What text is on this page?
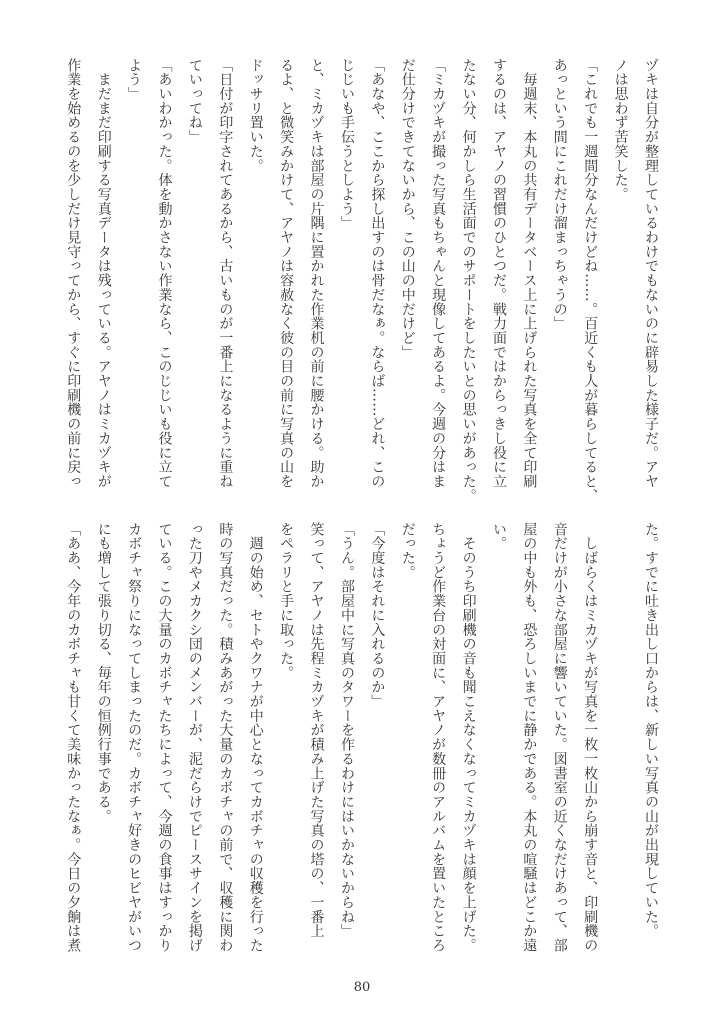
ヅキは自分が整理しているわけでもないのに辟易した様子だ。アヤ
ノは思わず苦笑した。
「これでも一週間分なんだけどね……。百近くも人が暮らしてると、
あっという間にこれだけ溜まっちゃうの」
　毎週末、本丸の共有データベース上に上げられた写真を全て印刷
するのは、アヤノの習慣のひとつだ。戦力面ではからっきし役に立
たない分、何かしら生活面でのサポートをしたいとの思いがあった。
「ミカヅキが撮った写真もちゃんと現像してあるよ。今週の分はま
だ仕分けできてないから、この山の中だけど」
「あなや、ここから探し出すのは骨だなぁ。ならば……どれ、この
じじいも手伝うとしよう」
と、ミカヅキは部屋の片隅に置かれた作業机の前に腰かける。助か
るよ、と微笑みかけて、アヤノは容赦なく彼の目の前に写真の山を
ドッサリ置いた。
「日付が印字されてあるから、古いものが一番上になるように重ね
ていってね」
「あいわかった。体を動かさない作業なら、このじじいも役に立て
よう」
　まだまだ印刷する写真データは残っている。アヤノはミカヅキが
作業を始めるのを少しだけ見守ってから、すぐに印刷機の前に戻っ
た。すでに吐き出し口からは、新しい写真の山が出現していた。
　しばらくはミカヅキが写真を一枚一枚山から崩す音と、印刷機の
音だけが小さな部屋に響いていた。図書室の近くなだけあって、部
屋の中も外も、恐ろしいまでに静かである。本丸の喧騒はどこか遠
い。
　そのうち印刷機の音も聞こえなくなってミカヅキは顔を上げた。
ちょうど作業台の対面に、アヤノが数冊のアルバムを置いたところ
だった。
「今度はそれに入れるのか」
「うん。部屋中に写真のタワーを作るわけにはいかないからね」
笑って、アヤノは先程ミカヅキが積み上げた写真の塔の、一番上
をペラリと手に取った。
　週の始め、セトやクワナが中心となってカボチャの収穫を行った
時の写真だった。積みあがった大量のカボチャの前で、収穫に関わ
った刀やメカクシ団のメンバーが、泥だらけでピースサインを掲げ
ている。この大量のカボチャたちによって、今週の食事はすっかり
カボチャ祭りになってしまったのだ。カボチャ好きのヒビヤがいつ
にも増して張り切る、毎年の恒例行事である。
「ああ、今年のカボチャも甘くて美味かったなぁ。今日の夕餉は煮
80
